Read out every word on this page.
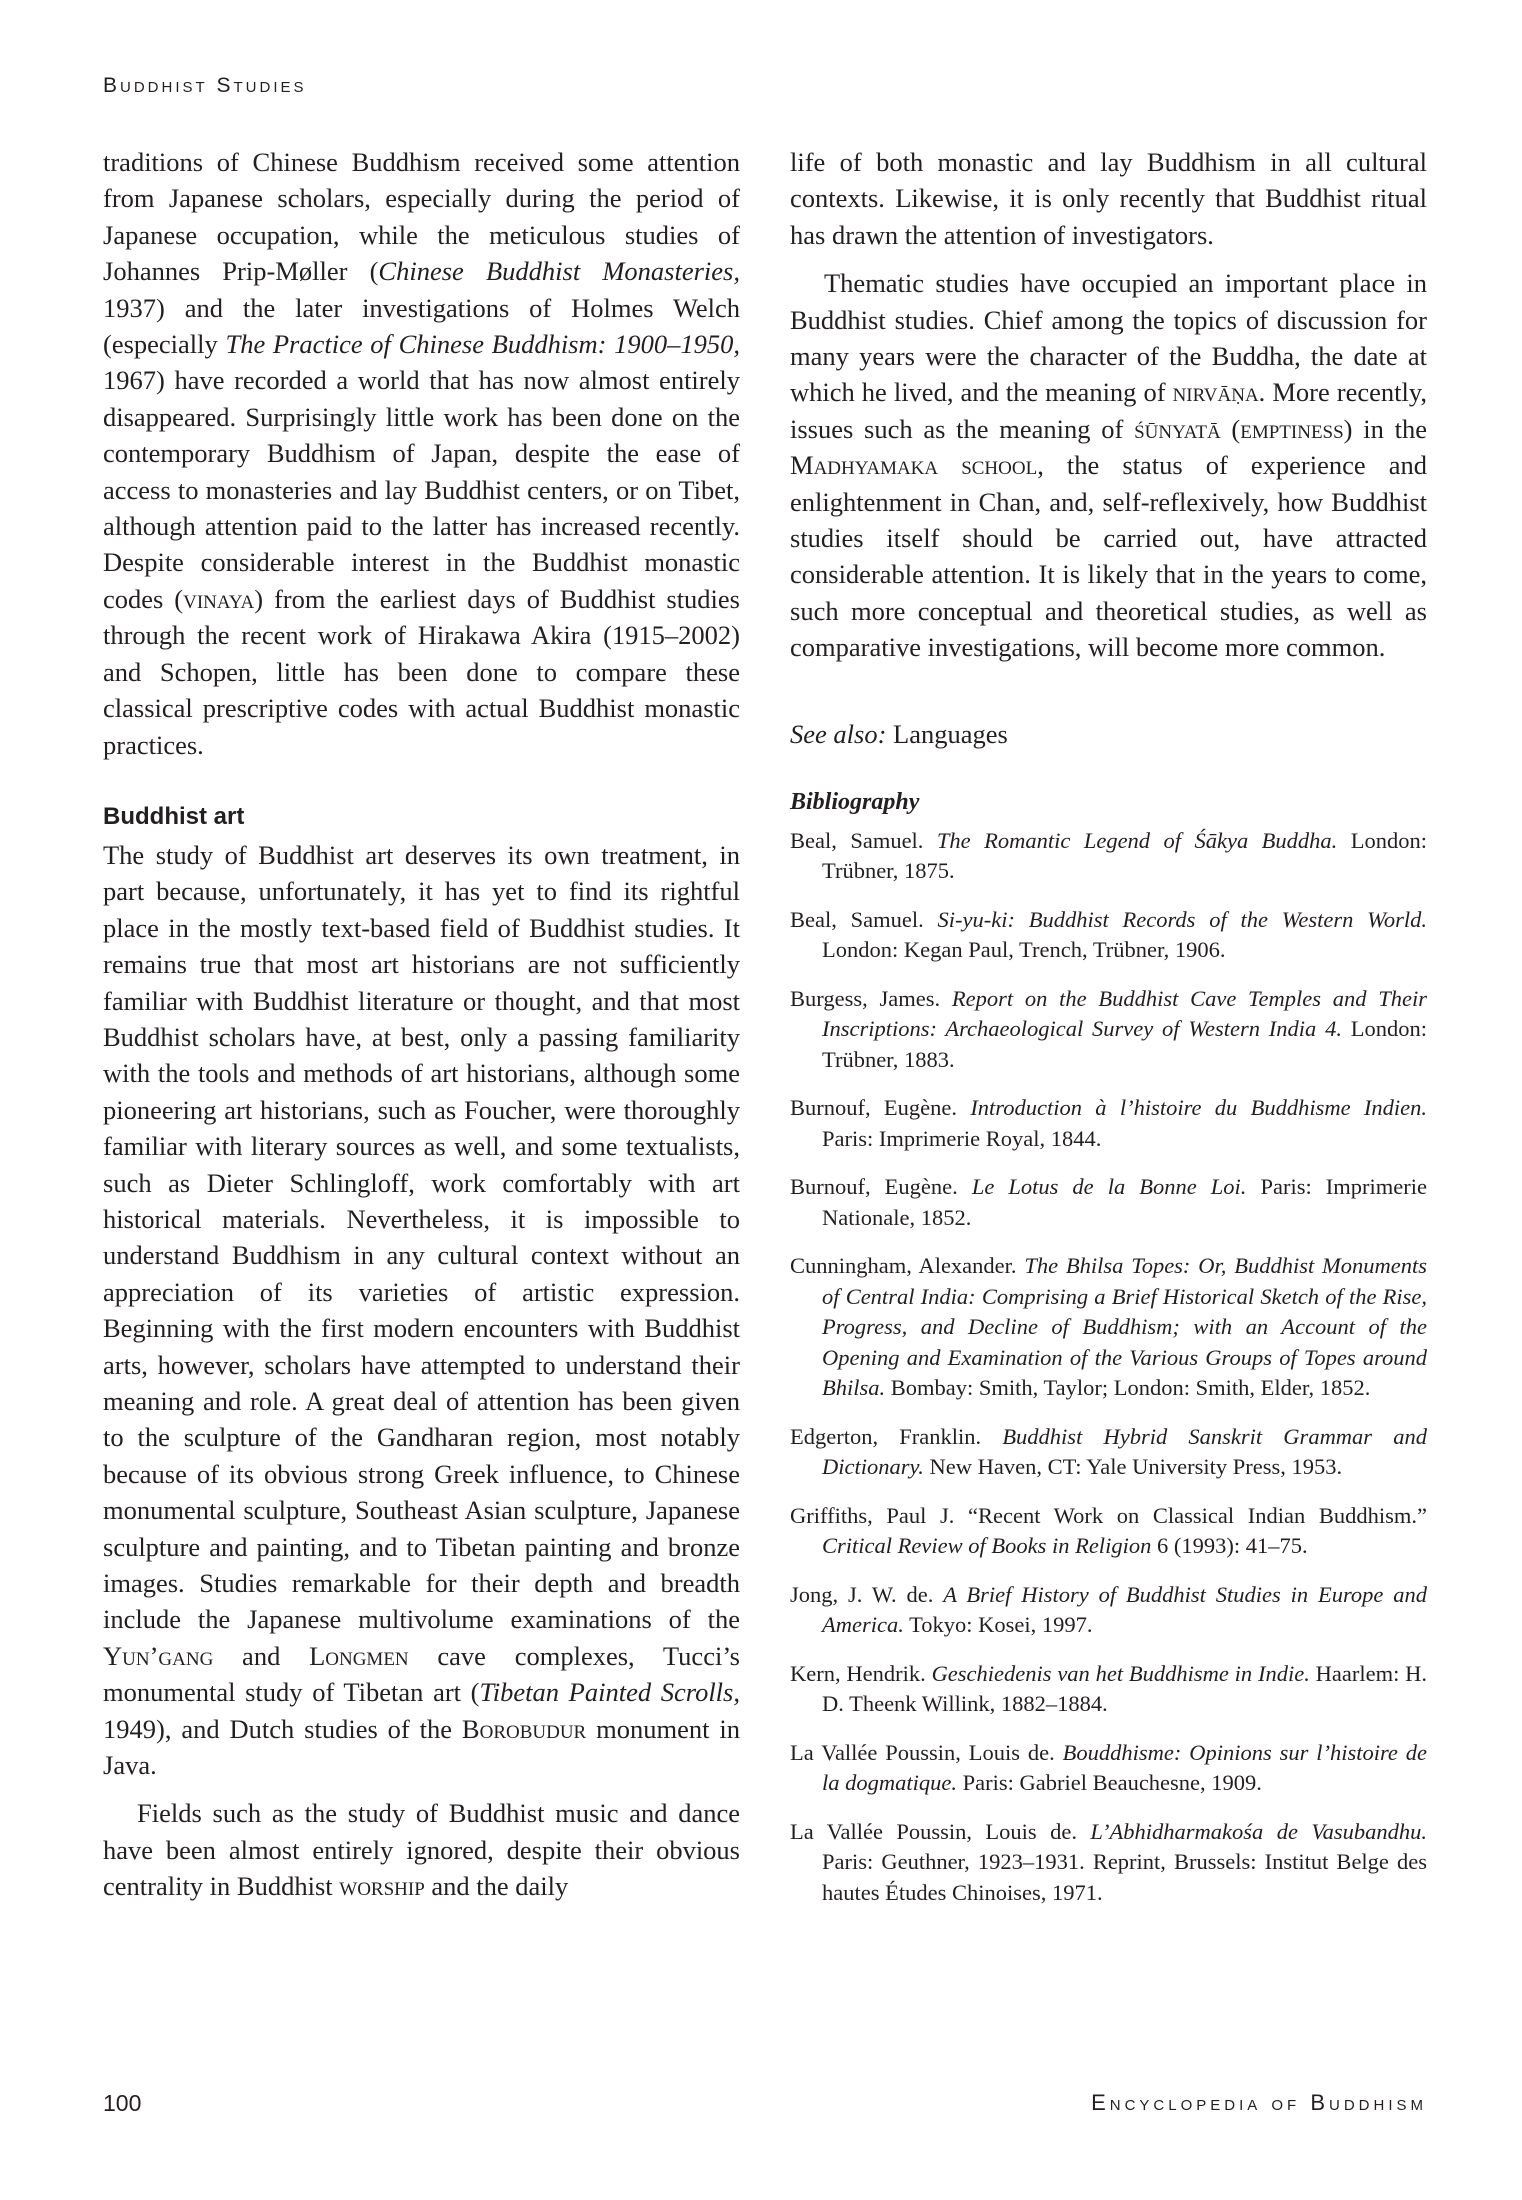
Buddhist Studies

traditions of Chinese Buddhism received some attention from Japanese scholars, especially during the period of Japanese occupation, while the meticulous studies of Johannes Prip-Møller (Chinese Buddhist Monasteries, 1937) and the later investigations of Holmes Welch (especially The Practice of Chinese Buddhism: 1900–1950, 1967) have recorded a world that has now almost entirely disappeared. Surprisingly little work has been done on the contemporary Buddhism of Japan, despite the ease of access to monasteries and lay Buddhist centers, or on Tibet, although attention paid to the latter has increased recently. Despite considerable interest in the Buddhist monastic codes (vinaya) from the earliest days of Buddhist studies through the recent work of Hirakawa Akira (1915–2002) and Schopen, little has been done to compare these classical prescriptive codes with actual Buddhist monastic practices.

Buddhist art

The study of Buddhist art deserves its own treatment, in part because, unfortunately, it has yet to find its rightful place in the mostly text-based field of Buddhist studies. It remains true that most art historians are not sufficiently familiar with Buddhist literature or thought, and that most Buddhist scholars have, at best, only a passing familiarity with the tools and methods of art historians, although some pioneering art historians, such as Foucher, were thoroughly familiar with literary sources as well, and some textualists, such as Dieter Schlingloff, work comfortably with art historical materials. Nevertheless, it is impossible to understand Buddhism in any cultural context without an appreciation of its varieties of artistic expression. Beginning with the first modern encounters with Buddhist arts, however, scholars have attempted to understand their meaning and role. A great deal of attention has been given to the sculpture of the Gandharan region, most notably because of its obvious strong Greek influence, to Chinese monumental sculpture, Southeast Asian sculpture, Japanese sculpture and painting, and to Tibetan painting and bronze images. Studies remarkable for their depth and breadth include the Japanese multivolume examinations of the Yun’gang and Longmen cave complexes, Tucci’s monumental study of Tibetan art (Tibetan Painted Scrolls, 1949), and Dutch studies of the Borobudur monument in Java.

Fields such as the study of Buddhist music and dance have been almost entirely ignored, despite their obvious centrality in Buddhist worship and the daily

life of both monastic and lay Buddhism in all cultural contexts. Likewise, it is only recently that Buddhist ritual has drawn the attention of investigators.

Thematic studies have occupied an important place in Buddhist studies. Chief among the topics of discussion for many years were the character of the Buddha, the date at which he lived, and the meaning of nirvāṇa. More recently, issues such as the meaning of śūnyatā (emptiness) in the Madhyamaka school, the status of experience and enlightenment in Chan, and, self-reflexively, how Buddhist studies itself should be carried out, have attracted considerable attention. It is likely that in the years to come, such more conceptual and theoretical studies, as well as comparative investigations, will become more common.

See also: Languages
Bibliography
Beal, Samuel. The Romantic Legend of Śākya Buddha. London: Trübner, 1875.
Beal, Samuel. Si-yu-ki: Buddhist Records of the Western World. London: Kegan Paul, Trench, Trübner, 1906.
Burgess, James. Report on the Buddhist Cave Temples and Their Inscriptions: Archaeological Survey of Western India 4. London: Trübner, 1883.
Burnouf, Eugène. Introduction à l’histoire du Buddhisme Indien. Paris: Imprimerie Royal, 1844.
Burnouf, Eugène. Le Lotus de la Bonne Loi. Paris: Imprimerie Nationale, 1852.
Cunningham, Alexander. The Bhilsa Topes: Or, Buddhist Monuments of Central India: Comprising a Brief Historical Sketch of the Rise, Progress, and Decline of Buddhism; with an Account of the Opening and Examination of the Various Groups of Topes around Bhilsa. Bombay: Smith, Taylor; London: Smith, Elder, 1852.
Edgerton, Franklin. Buddhist Hybrid Sanskrit Grammar and Dictionary. New Haven, CT: Yale University Press, 1953.
Griffiths, Paul J. “Recent Work on Classical Indian Buddhism.” Critical Review of Books in Religion 6 (1993): 41–75.
Jong, J. W. de. A Brief History of Buddhist Studies in Europe and America. Tokyo: Kosei, 1997.
Kern, Hendrik. Geschiedenis van het Buddhisme in Indie. Haarlem: H. D. Theenk Willink, 1882–1884.
La Vallée Poussin, Louis de. Bouddhisme: Opinions sur l’histoire de la dogmatique. Paris: Gabriel Beauchesne, 1909.
La Vallée Poussin, Louis de. L’Abhidharmakośa de Vasubandhu. Paris: Geuthner, 1923–1931. Reprint, Brussels: Institut Belge des hautes Études Chinoises, 1971.
100	Encyclopedia of Buddhism
